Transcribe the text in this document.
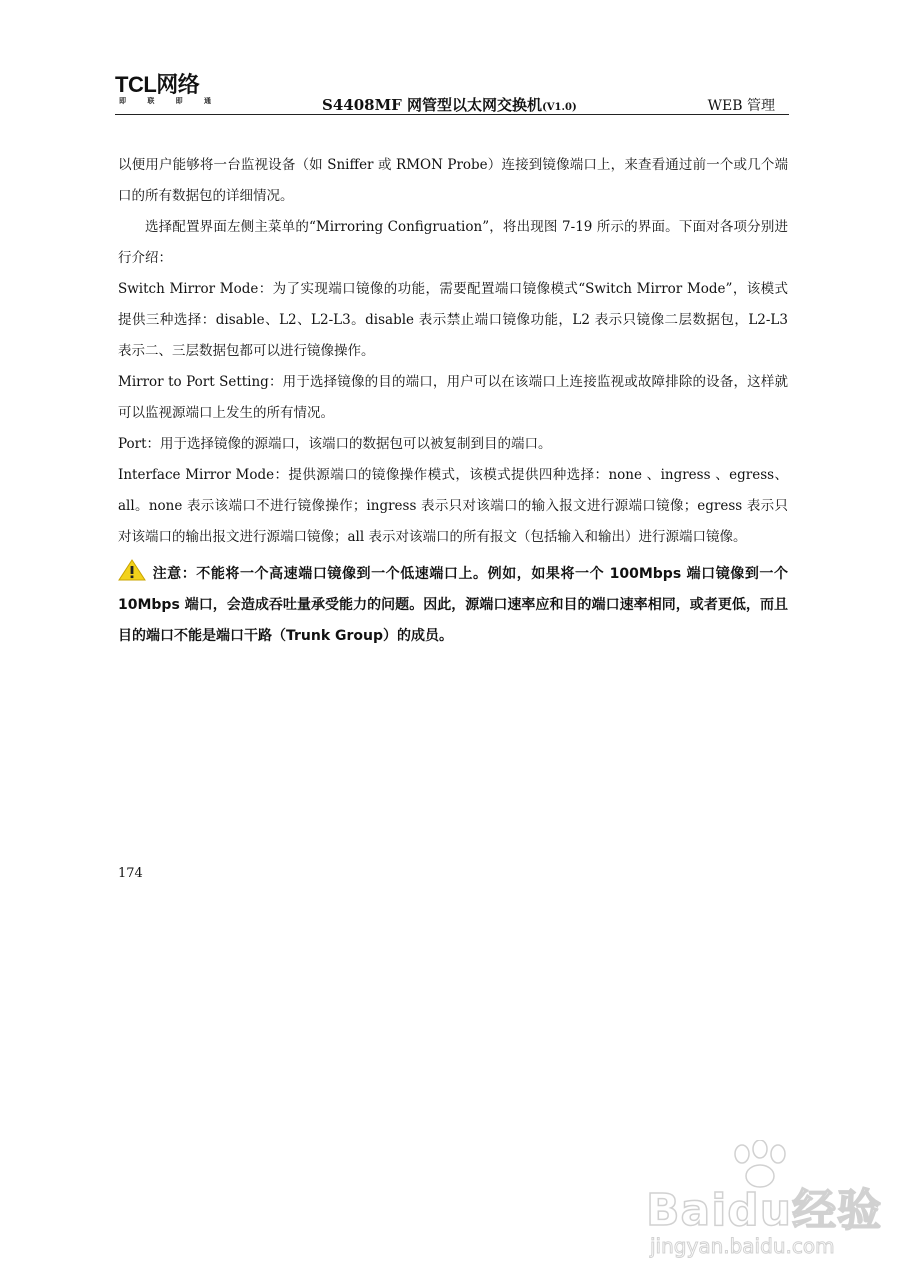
TCL网络
即	联	即	通	S4408MF 网管型以太网交换机(V1.0)	WEB 管理

以便用户能够将一台监视设备（如 Sniffer 或 RMON Probe）连接到镜像端口上，来查看通过前一个或几个端口的所有数据包的详细情况。

选择配置界面左侧主菜单的“Mirroring Configruation”，将出现图 7-19 所示的界面。下面对各项分别进行介绍：

Switch Mirror Mode：为了实现端口镜像的功能，需要配置端口镜像模式“Switch Mirror Mode”，该模式提供三种选择：disable、L2、L2-L3。disable 表示禁止端口镜像功能，L2 表示只镜像二层数据包，L2-L3 表示二、三层数据包都可以进行镜像操作。

Mirror to Port Setting：用于选择镜像的目的端口，用户可以在该端口上连接监视或故障排除的设备，这样就可以监视源端口上发生的所有情况。

Port：用于选择镜像的源端口，该端口的数据包可以被复制到目的端口。

Interface Mirror Mode：提供源端口的镜像操作模式，该模式提供四种选择：none 、ingress 、egress、all。none 表示该端口不进行镜像操作；ingress 表示只对该端口的输入报文进行源端口镜像；egress 表示只对该端口的输出报文进行源端口镜像；all 表示对该端口的所有报文（包括输入和输出）进行源端口镜像。

注意：不能将一个高速端口镜像到一个低速端口上。例如，如果将一个 100Mbps 端口镜像到一个 10Mbps 端口，会造成吞吐量承受能力的问题。因此，源端口速率应和目的端口速率相同，或者更低，而且目的端口不能是端口干路（Trunk Group）的成员。

174
Baidu经验
jingyan.baidu.com
